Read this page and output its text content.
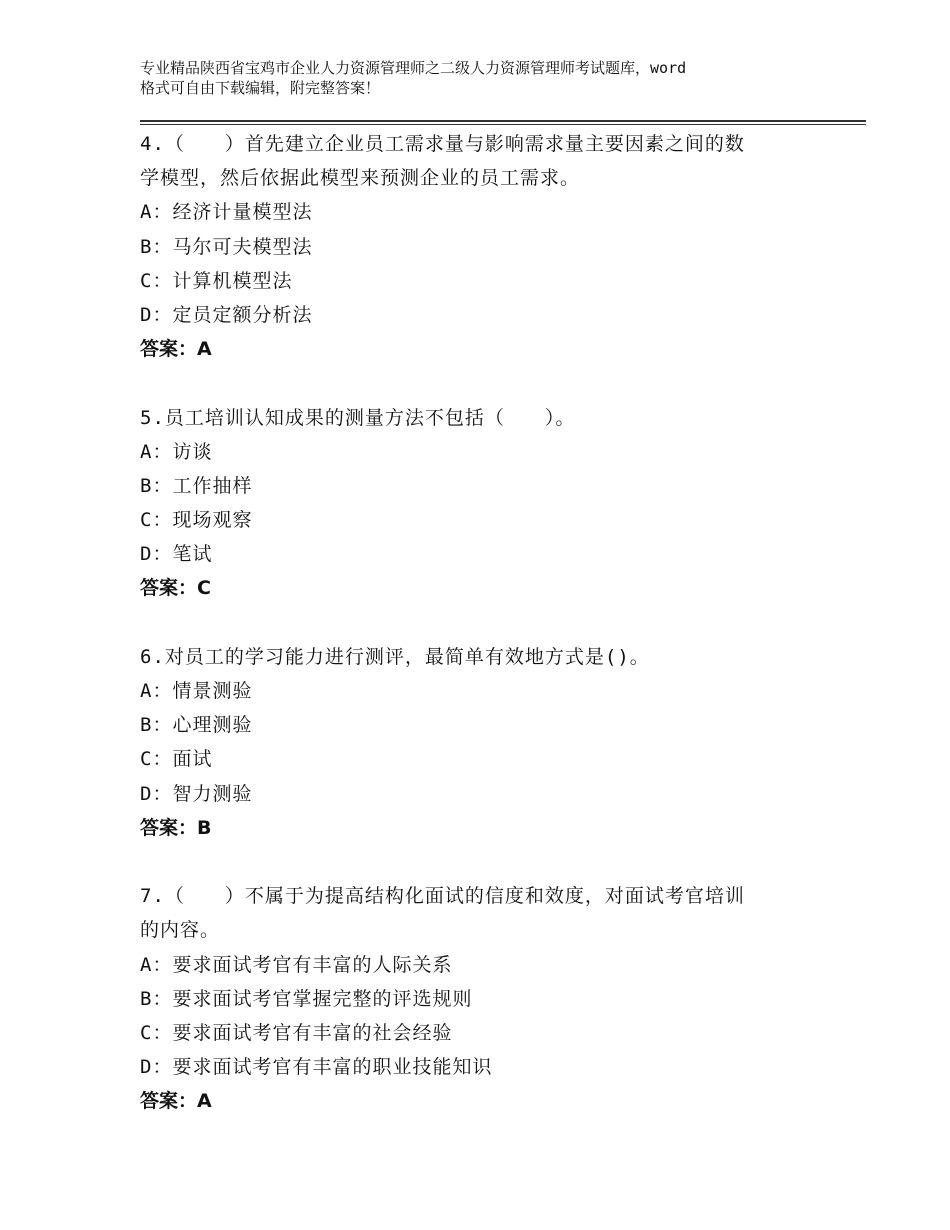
专业精品陕西省宝鸡市企业人力资源管理师之二级人力资源管理师考试题库，word
格式可自由下载编辑，附完整答案！
4.（　　）首先建立企业员工需求量与影响需求量主要因素之间的数
学模型，然后依据此模型来预测企业的员工需求。
A：经济计量模型法
B：马尔可夫模型法
C：计算机模型法
D：定员定额分析法
答案：A
5.员工培训认知成果的测量方法不包括（　　）。
A：访谈
B：工作抽样
C：现场观察
D：笔试
答案：C
6.对员工的学习能力进行测评，最简单有效地方式是()。
A：情景测验
B：心理测验
C：面试
D：智力测验
答案：B
7.（　　）不属于为提高结构化面试的信度和效度，对面试考官培训
的内容。
A：要求面试考官有丰富的人际关系
B：要求面试考官掌握完整的评选规则
C：要求面试考官有丰富的社会经验
D：要求面试考官有丰富的职业技能知识
答案：A
